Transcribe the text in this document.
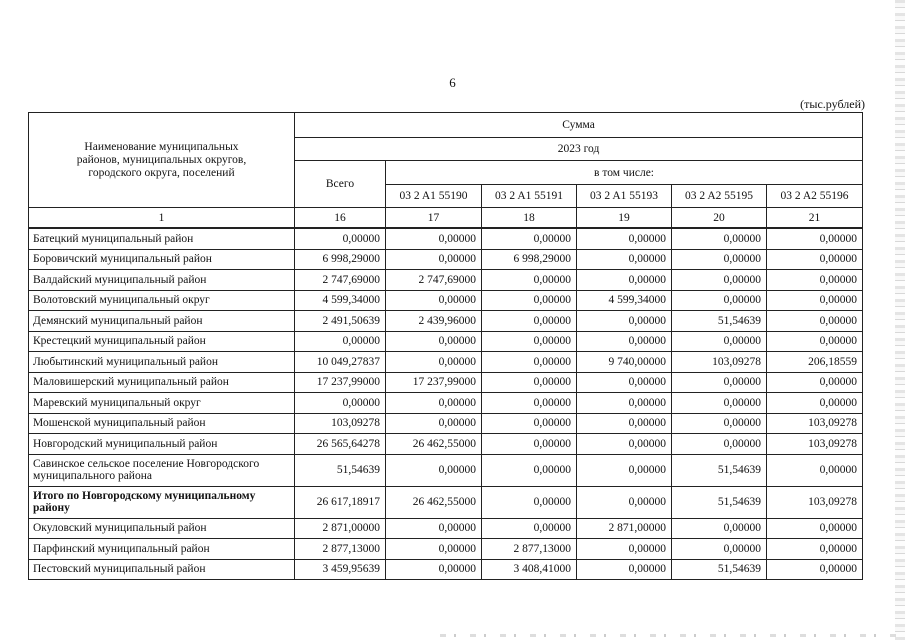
6
(тыс.рублей)
Наименование муниципальных районов, муниципальных округов, городского округа, поселений	Сумма					
	2023 год					
	Всего	в том числе:				
		03 2 A1 55190	03 2 A1 55191	03 2 A1 55193	03 2 A2 55195	03 2 A2 55196
1	16	17	18	19	20	21
Батецкий муниципальный район	0,00000	0,00000	0,00000	0,00000	0,00000	0,00000
Боровичский муниципальный район	6 998,29000	0,00000	6 998,29000	0,00000	0,00000	0,00000
Валдайский муниципальный район	2 747,69000	2 747,69000	0,00000	0,00000	0,00000	0,00000
Волотовский муниципальный округ	4 599,34000	0,00000	0,00000	4 599,34000	0,00000	0,00000
Демянский муниципальный район	2 491,50639	2 439,96000	0,00000	0,00000	51,54639	0,00000
Крестецкий муниципальный район	0,00000	0,00000	0,00000	0,00000	0,00000	0,00000
Любытинский муниципальный район	10 049,27837	0,00000	0,00000	9 740,00000	103,09278	206,18559
Маловишерский муниципальный район	17 237,99000	17 237,99000	0,00000	0,00000	0,00000	0,00000
Маревский муниципальный округ	0,00000	0,00000	0,00000	0,00000	0,00000	0,00000
Мошенской муниципальный район	103,09278	0,00000	0,00000	0,00000	0,00000	103,09278
Новгородский муниципальный район	26 565,64278	26 462,55000	0,00000	0,00000	0,00000	103,09278
Савинское сельское поселение Новгородского муниципального района	51,54639	0,00000	0,00000	0,00000	51,54639	0,00000
Итого по Новгородскому муниципальному району	26 617,18917	26 462,55000	0,00000	0,00000	51,54639	103,09278
Окуловский муниципальный район	2 871,00000	0,00000	0,00000	2 871,00000	0,00000	0,00000
Парфинский муниципальный район	2 877,13000	0,00000	2 877,13000	0,00000	0,00000	0,00000
Пестовский муниципальный район	3 459,95639	0,00000	3 408,41000	0,00000	51,54639	0,00000
